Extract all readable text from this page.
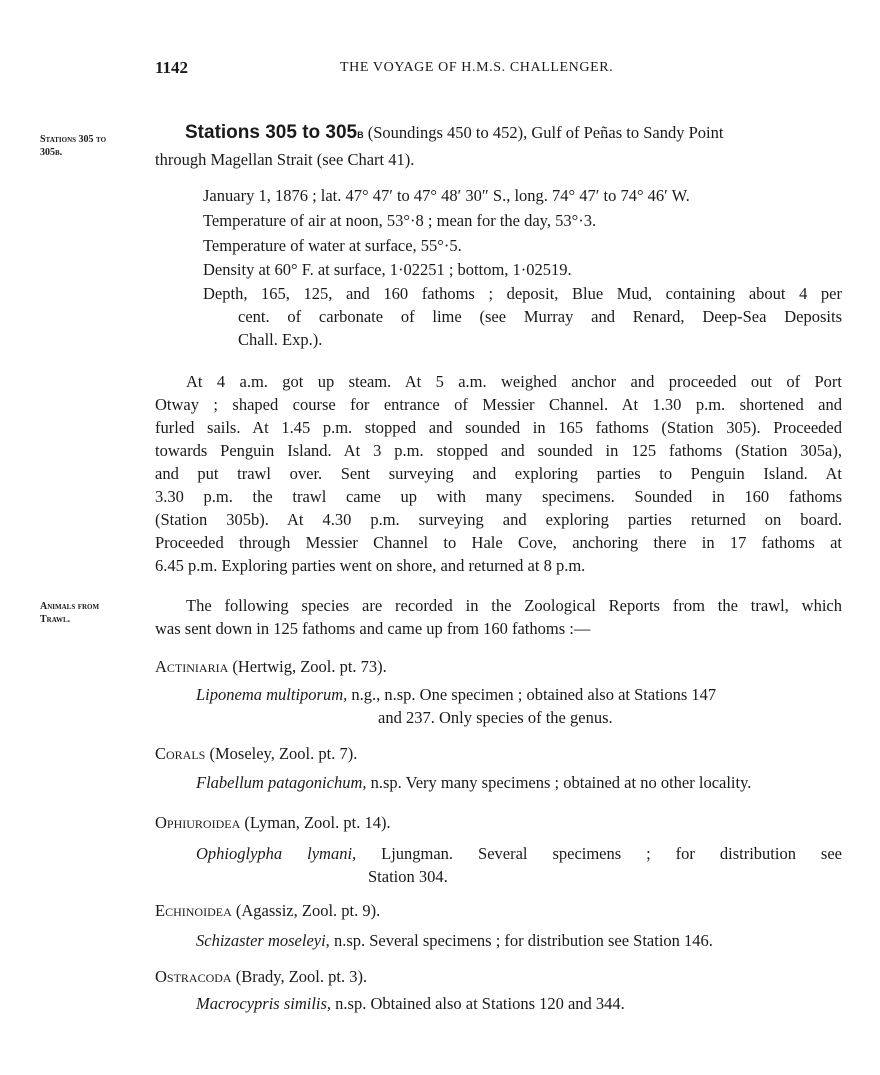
1142	THE VOYAGE OF H.M.S. CHALLENGER.
Stations 305 to
305b.
Stations 305 to 305b (Soundings 450 to 452), Gulf of Peñas to Sandy Point
through Magellan Strait (see Chart 41).
January 1, 1876 ; lat. 47° 47′ to 47° 48′ 30″ S., long. 74° 47′ to 74° 46′ W.
Temperature of air at noon, 53°·8 ; mean for the day, 53°·3.
Temperature of water at surface, 55°·5.
Density at 60° F. at surface, 1·02251 ; bottom, 1·02519.
Depth, 165, 125, and 160 fathoms ; deposit, Blue Mud, containing about 4 per
cent. of carbonate of lime (see Murray and Renard, Deep-Sea Deposits
Chall. Exp.).
At 4 a.m. got up steam. At 5 a.m. weighed anchor and proceeded out of Port
Otway ; shaped course for entrance of Messier Channel. At 1.30 p.m. shortened and
furled sails. At 1.45 p.m. stopped and sounded in 165 fathoms (Station 305). Proceeded
towards Penguin Island. At 3 p.m. stopped and sounded in 125 fathoms (Station 305a),
and put trawl over. Sent surveying and exploring parties to Penguin Island. At
3.30 p.m. the trawl came up with many specimens. Sounded in 160 fathoms
(Station 305b). At 4.30 p.m. surveying and exploring parties returned on board.
Proceeded through Messier Channel to Hale Cove, anchoring there in 17 fathoms at
6.45 p.m. Exploring parties went on shore, and returned at 8 p.m.
Animals from
Trawl.
The following species are recorded in the Zoological Reports from the trawl, which
was sent down in 125 fathoms and came up from 160 fathoms :—
Actiniaria (Hertwig, Zool. pt. 73).
Liponema multiporum, n.g., n.sp. One specimen ; obtained also at Stations 147
and 237. Only species of the genus.
Corals (Moseley, Zool. pt. 7).
Flabellum patagonichum, n.sp. Very many specimens ; obtained at no other locality.
Ophiuroidea (Lyman, Zool. pt. 14).
Ophioglypha lymani, Ljungman. Several specimens ; for distribution see
Station 304.
Echinoidea (Agassiz, Zool. pt. 9).
Schizaster moseleyi, n.sp. Several specimens ; for distribution see Station 146.
Ostracoda (Brady, Zool. pt. 3).
Macrocypris similis, n.sp. Obtained also at Stations 120 and 344.
